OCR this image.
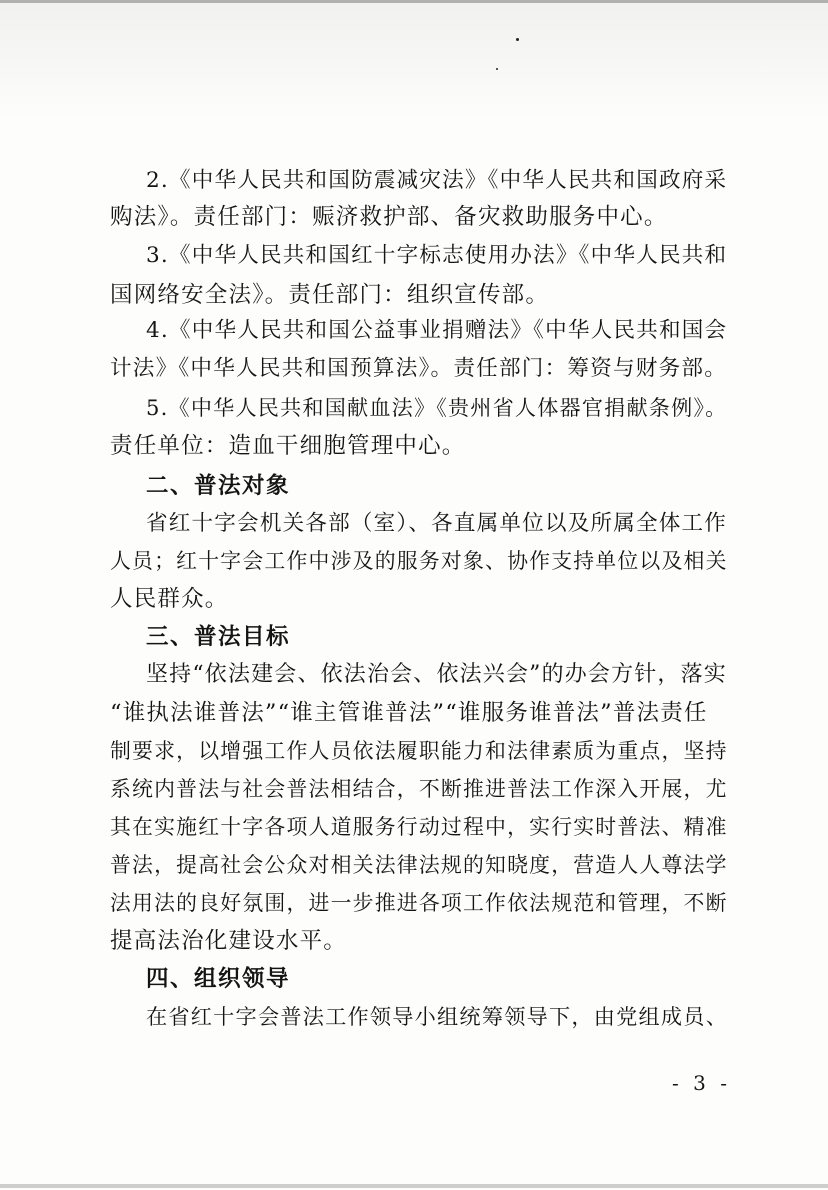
2.《中华人民共和国防震减灾法》《中华人民共和国政府采
购法》。责任部门：赈济救护部、备灾救助服务中心。
3.《中华人民共和国红十字标志使用办法》《中华人民共和
国网络安全法》。责任部门：组织宣传部。
4.《中华人民共和国公益事业捐赠法》《中华人民共和国会
计法》《中华人民共和国预算法》。责任部门：筹资与财务部。
5.《中华人民共和国献血法》《贵州省人体器官捐献条例》。
责任单位：造血干细胞管理中心。
二、普法对象
省红十字会机关各部（室）、各直属单位以及所属全体工作
人员；红十字会工作中涉及的服务对象、协作支持单位以及相关
人民群众。
三、普法目标
坚持“依法建会、依法治会、依法兴会”的办会方针，落实
“谁执法谁普法”“谁主管谁普法”“谁服务谁普法”普法责任
制要求，以增强工作人员依法履职能力和法律素质为重点，坚持
系统内普法与社会普法相结合，不断推进普法工作深入开展，尤
其在实施红十字各项人道服务行动过程中，实行实时普法、精准
普法，提高社会公众对相关法律法规的知晓度，营造人人尊法学
法用法的良好氛围，进一步推进各项工作依法规范和管理，不断
提高法治化建设水平。
四、组织领导
在省红十字会普法工作领导小组统筹领导下，由党组成员、
- 3 -
